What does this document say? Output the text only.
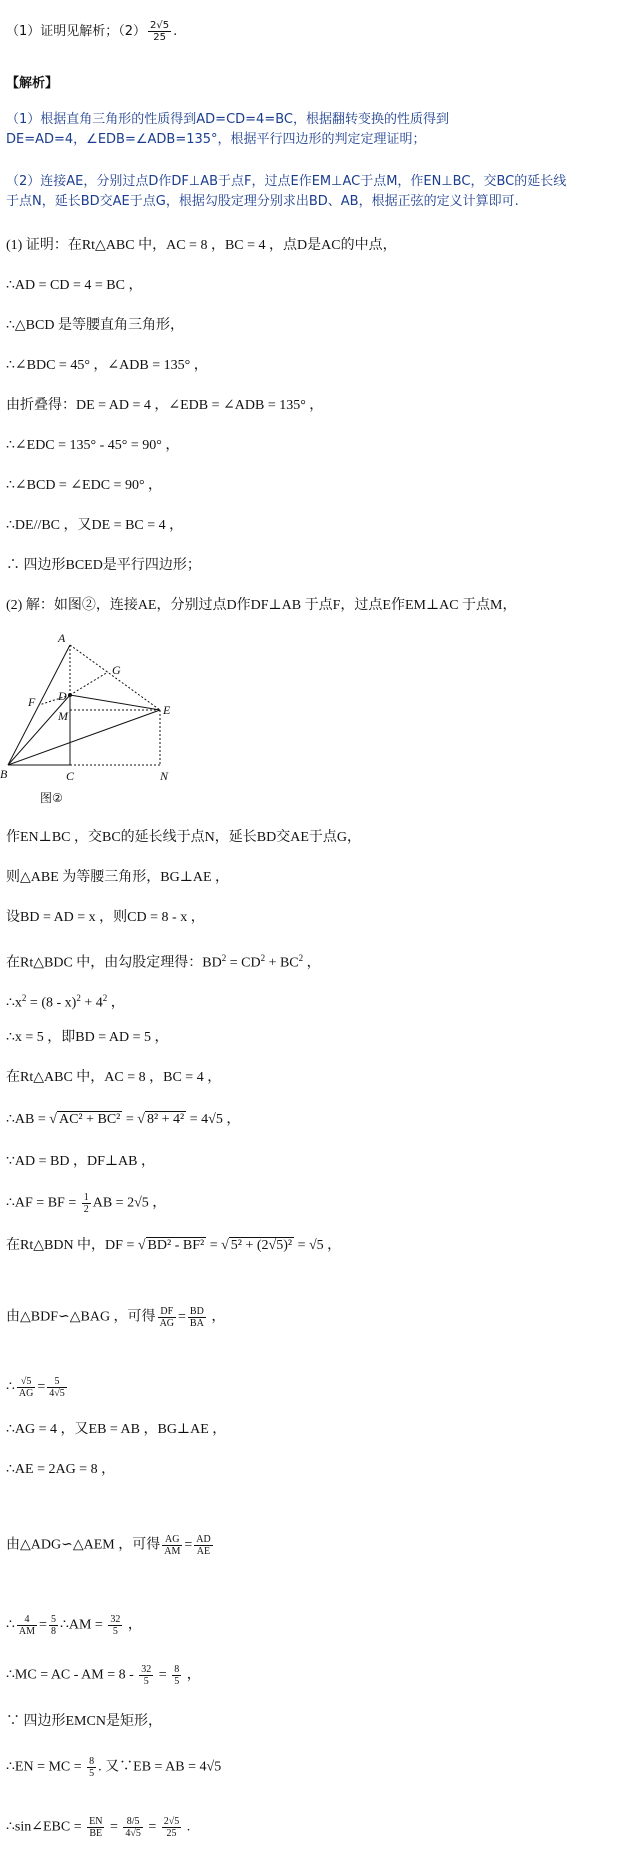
（1）证明见解析；$(2) \frac{2√5}{25}$ .
【解析】
（1）根据直角三角形的性质得到AD=CD=4=BC，根据翻转变换的性质得到
DE=AD=4，∠EDB=∠ADB=135°，根据平行四边形的判定定理证明；
（2）连接AE，分别过点D作DF⊥AB于点F，过点E作EM⊥AC于点M，作EN⊥BC，交BC的延长线
于点N，延长BD交AE于点G，根据勾股定理分别求出BD、AB，根据正弦的定义计算即可.
(1) 证明：在Rt△ABC 中，AC = 8 ，BC = 4 ，点D是AC的中点，
∴AD = CD = 4 = BC ，
∴△BCD 是等腰直角三角形，
∴∠BDC = 45° ，∠ADB = 135° ，
由折叠得：DE = AD = 4 ，∠EDB = ∠ADB = 135° ，
∴∠EDC = 135° - 45° = 90° ，
∴∠BCD = ∠EDC = 90° ，
∴DE//BC ，又DE = BC = 4 ，
∴ 四边形BCED是平行四边形；
(2) 解：如图②，连接AE，分别过点D作DF⊥AB 于点F，过点E作EM⊥AC 于点M，
A
B	C
D
E
F
G
M
N
图②
作EN⊥BC ，交BC的延长线于点N，延长BD交AE于点G，
则△ABE 为等腰三角形，BG⊥AE ，
设BD = AD = x ，则CD = 8 - x ，
在Rt△BDC 中，由勾股定理得：$BD^2 = CD^2 + BC^2$ ，
$\therefore x^2 = (8 - x)^2 + 4^2$ ，
∴x = 5 ，即BD = AD = 5 ，
在Rt△ABC 中，AC = 8 ，BC = 4 ，
∴AB = √ AC² + BC² = √ 8² + 4² = 4√5 ，
∵AD = BD ，DF⊥AB ，
∴AF = BF = $\frac{1}{2}$ AB = 2√5 ，
在Rt△BDN 中，DF = √ BD² - BF² = √ 5² + (2√5)² = √5 ，
由△BDF∽△BAG ，可得 $\frac{DF}{AG} = \frac{BD}{BA}$ ，
∴ $\frac{√5}{AG} = \frac{5}{4√5}$
∴AG = 4 ，又EB = AB ，BG⊥AE ，
∴AE = 2AG = 8 ，
由△ADG∽△AEM ，可得 $\frac{AG}{AM} = \frac{AD}{AE}$
∴ $\frac{4}{AM} = \frac{5}{8}$ ∴AM = $\frac{32}{5}$ ，
∴MC = AC - AM = $8 - \frac{32}{5} = \frac{8}{5}$ ，
∵ 四边形EMCN是矩形，
∴EN = MC = $\frac{8}{5}$ . 又∵EB = AB = 4√5
∴sin∠EBC = $\frac{EN}{BE} = \frac{8/5}{4√5} = \frac{2√5}{25}$ .
